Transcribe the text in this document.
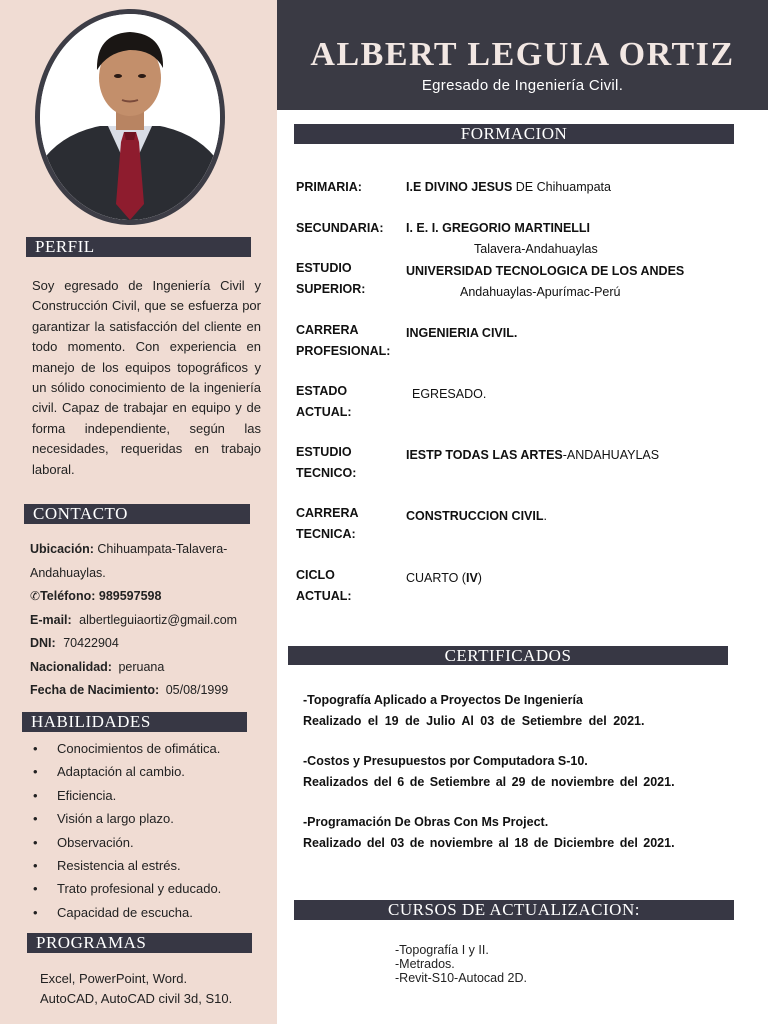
PERFIL
Soy egresado de Ingeniería Civil y Construcción Civil, que se esfuerza por garantizar la satisfacción del cliente en todo momento. Con experiencia en manejo de los equipos topográficos y un sólido conocimiento de la ingeniería civil. Capaz de trabajar en equipo y de forma independiente, según las necesidades, requeridas en trabajo laboral.
CONTACTO
Ubicación: Chihuampata-Talavera-
Andahuaylas.
✆Teléfono: 989597598
E-mail: albertleguiaortiz@gmail.com
DNI: 70422904
Nacionalidad: peruana
Fecha de Nacimiento: 05/08/1999
HABILIDADES
• Conocimientos de ofimática.
• Adaptación al cambio.
• Eficiencia.
• Visión a largo plazo.
• Observación.
• Resistencia al estrés.
• Trato profesional y educado.
• Capacidad de escucha.
PROGRAMAS
Excel, PowerPoint, Word.
AutoCAD, AutoCAD civil 3d, S10.
ALBERT LEGUIA ORTIZ
Egresado de Ingeniería Civil.
FORMACION
PRIMARIA:	I.E DIVINO JESUS DE Chihuampata
SECUNDARIA:	I. E. I. GREGORIO MARTINELLI
Talavera-Andahuaylas
ESTUDIO SUPERIOR:
UNIVERSIDAD TECNOLOGICA DE LOS ANDES
Andahuaylas-Apurímac-Perú
CARRERA PROFESIONAL:
INGENIERIA CIVIL.
ESTADO ACTUAL:
EGRESADO.
ESTUDIO TECNICO:
IESTP TODAS LAS ARTES-ANDAHUAYLAS
CARRERA TECNICA:
CONSTRUCCION CIVIL.
CICLO ACTUAL:
CUARTO (IV)
CERTIFICADOS
-Topografía Aplicado a Proyectos De Ingeniería
Realizado el 19 de Julio Al 03 de Setiembre del 2021.
-Costos y Presupuestos por Computadora S-10.
Realizados del 6 de Setiembre al 29 de noviembre del 2021.
-Programación De Obras Con Ms Project.
Realizado del 03 de noviembre al 18 de Diciembre del 2021.
CURSOS DE ACTUALIZACION:
-Topografía I y II.
-Metrados.
-Revit-S10-Autocad 2D.
